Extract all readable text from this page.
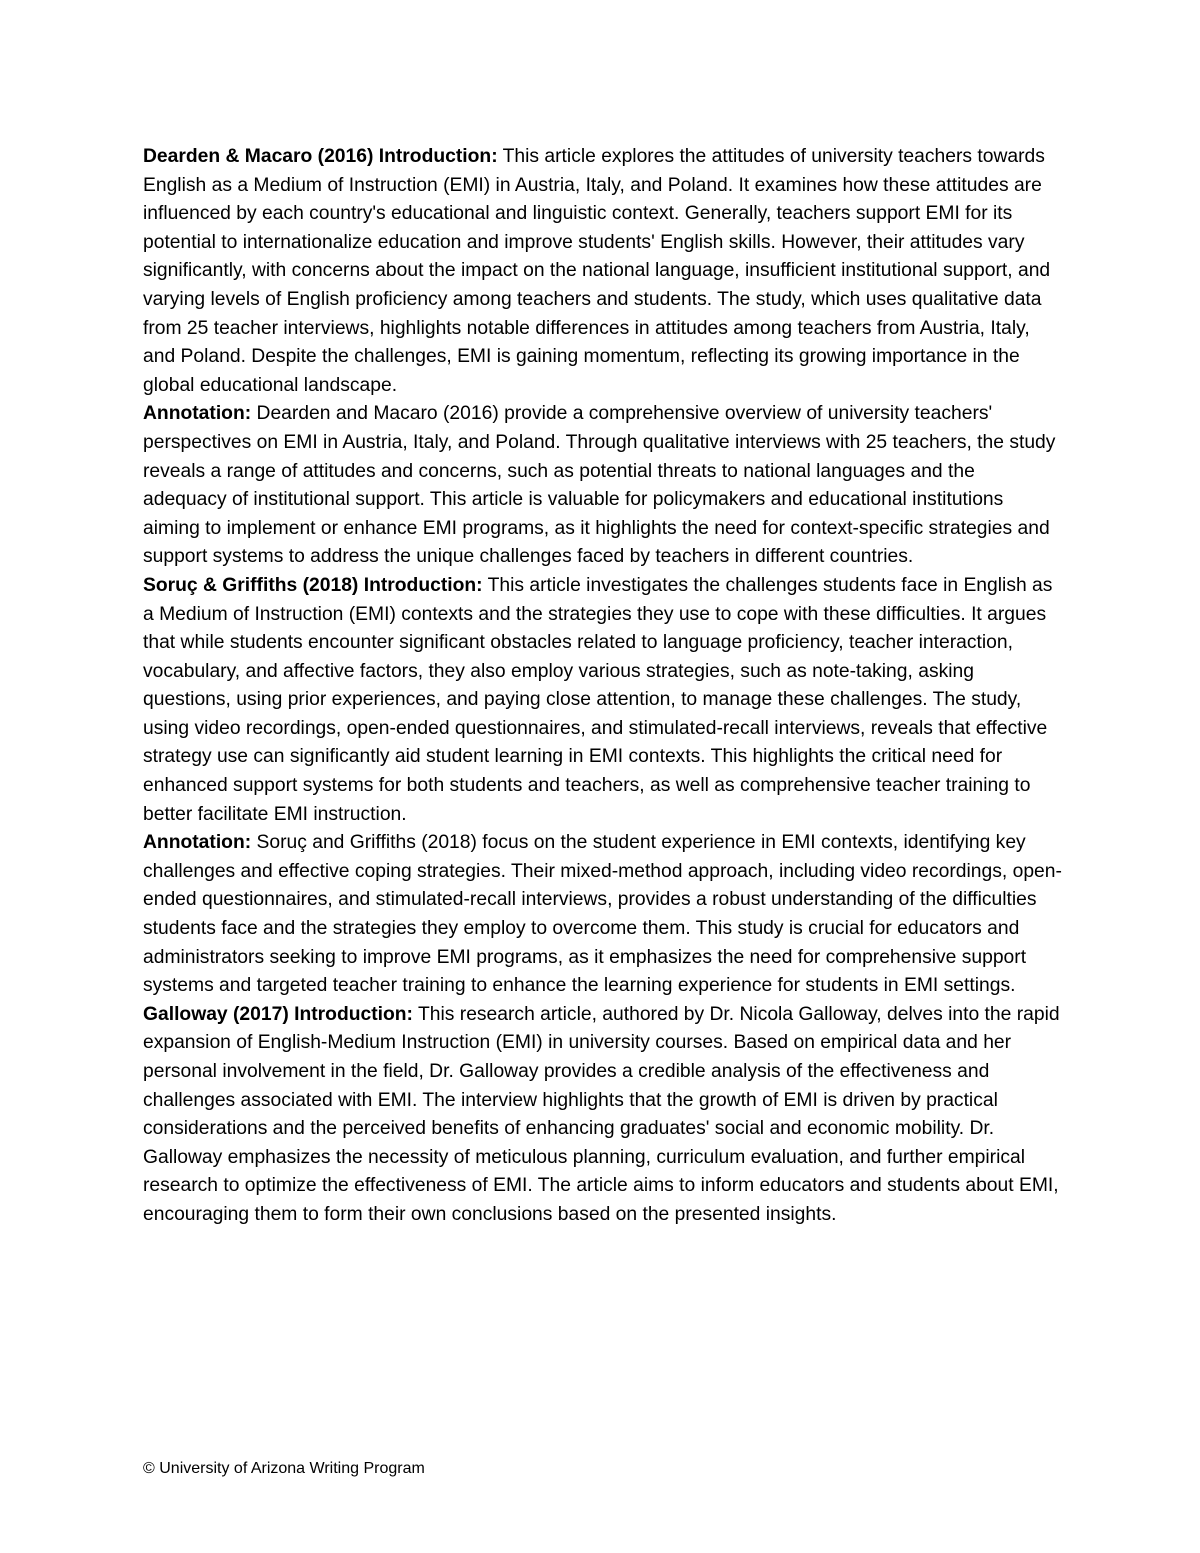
Dearden & Macaro (2016) Introduction: This article explores the attitudes of university teachers towards English as a Medium of Instruction (EMI) in Austria, Italy, and Poland. It examines how these attitudes are influenced by each country's educational and linguistic context. Generally, teachers support EMI for its potential to internationalize education and improve students' English skills. However, their attitudes vary significantly, with concerns about the impact on the national language, insufficient institutional support, and varying levels of English proficiency among teachers and students. The study, which uses qualitative data from 25 teacher interviews, highlights notable differences in attitudes among teachers from Austria, Italy, and Poland. Despite the challenges, EMI is gaining momentum, reflecting its growing importance in the global educational landscape.

Annotation: Dearden and Macaro (2016) provide a comprehensive overview of university teachers' perspectives on EMI in Austria, Italy, and Poland. Through qualitative interviews with 25 teachers, the study reveals a range of attitudes and concerns, such as potential threats to national languages and the adequacy of institutional support. This article is valuable for policymakers and educational institutions aiming to implement or enhance EMI programs, as it highlights the need for context-specific strategies and support systems to address the unique challenges faced by teachers in different countries.

Soruç & Griffiths (2018) Introduction: This article investigates the challenges students face in English as a Medium of Instruction (EMI) contexts and the strategies they use to cope with these difficulties. It argues that while students encounter significant obstacles related to language proficiency, teacher interaction, vocabulary, and affective factors, they also employ various strategies, such as note-taking, asking questions, using prior experiences, and paying close attention, to manage these challenges. The study, using video recordings, open-ended questionnaires, and stimulated-recall interviews, reveals that effective strategy use can significantly aid student learning in EMI contexts. This highlights the critical need for enhanced support systems for both students and teachers, as well as comprehensive teacher training to better facilitate EMI instruction.

Annotation: Soruç and Griffiths (2018) focus on the student experience in EMI contexts, identifying key challenges and effective coping strategies. Their mixed-method approach, including video recordings, open-ended questionnaires, and stimulated-recall interviews, provides a robust understanding of the difficulties students face and the strategies they employ to overcome them. This study is crucial for educators and administrators seeking to improve EMI programs, as it emphasizes the need for comprehensive support systems and targeted teacher training to enhance the learning experience for students in EMI settings.

Galloway (2017) Introduction: This research article, authored by Dr. Nicola Galloway, delves into the rapid expansion of English-Medium Instruction (EMI) in university courses. Based on empirical data and her personal involvement in the field, Dr. Galloway provides a credible analysis of the effectiveness and challenges associated with EMI. The interview highlights that the growth of EMI is driven by practical considerations and the perceived benefits of enhancing graduates' social and economic mobility. Dr. Galloway emphasizes the necessity of meticulous planning, curriculum evaluation, and further empirical research to optimize the effectiveness of EMI. The article aims to inform educators and students about EMI, encouraging them to form their own conclusions based on the presented insights.

© University of Arizona Writing Program
